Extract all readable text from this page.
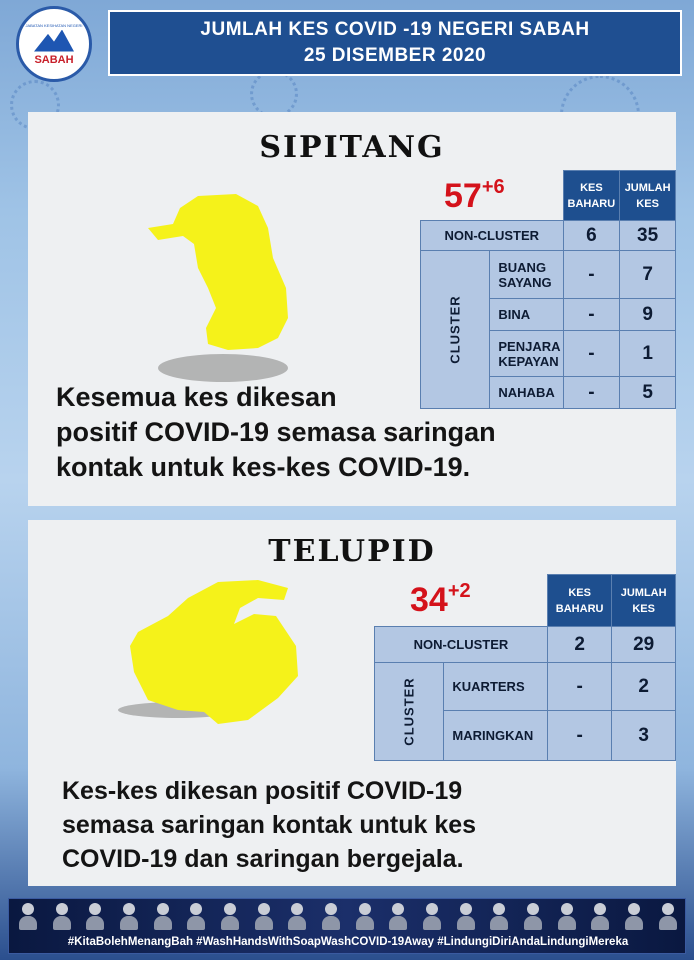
JABATAN KESIHATAN NEGERI
SABAH
JUMLAH KES COVID -19 NEGERI SABAH
25 DISEMBER 2020
SIPITANG
$57^{+6}$
			KES BAHARU	JUMLAH KES
NON-CLUSTER		6	35
CLUSTER	BUANG SAYANG	-	7
	BINA	-	9
	PENJARA KEPAYAN	-	1
	NAHABA	-	5
Kesemua kes dikesan
positif COVID-19 semasa saringan
kontak untuk kes-kes COVID-19.
TELUPID
$34^{+2}$
			KES BAHARU	JUMLAH KES
NON-CLUSTER		2	29
CLUSTER	KUARTERS	-	2
	MARINGKAN	-	3
Kes-kes dikesan positif COVID-19
semasa saringan kontak untuk kes
COVID-19 dan saringan bergejala.
#KitaBolehMenangBah #WashHandsWithSoapWashCOVID-19Away #LindungiDiriAndaLindungiMereka
